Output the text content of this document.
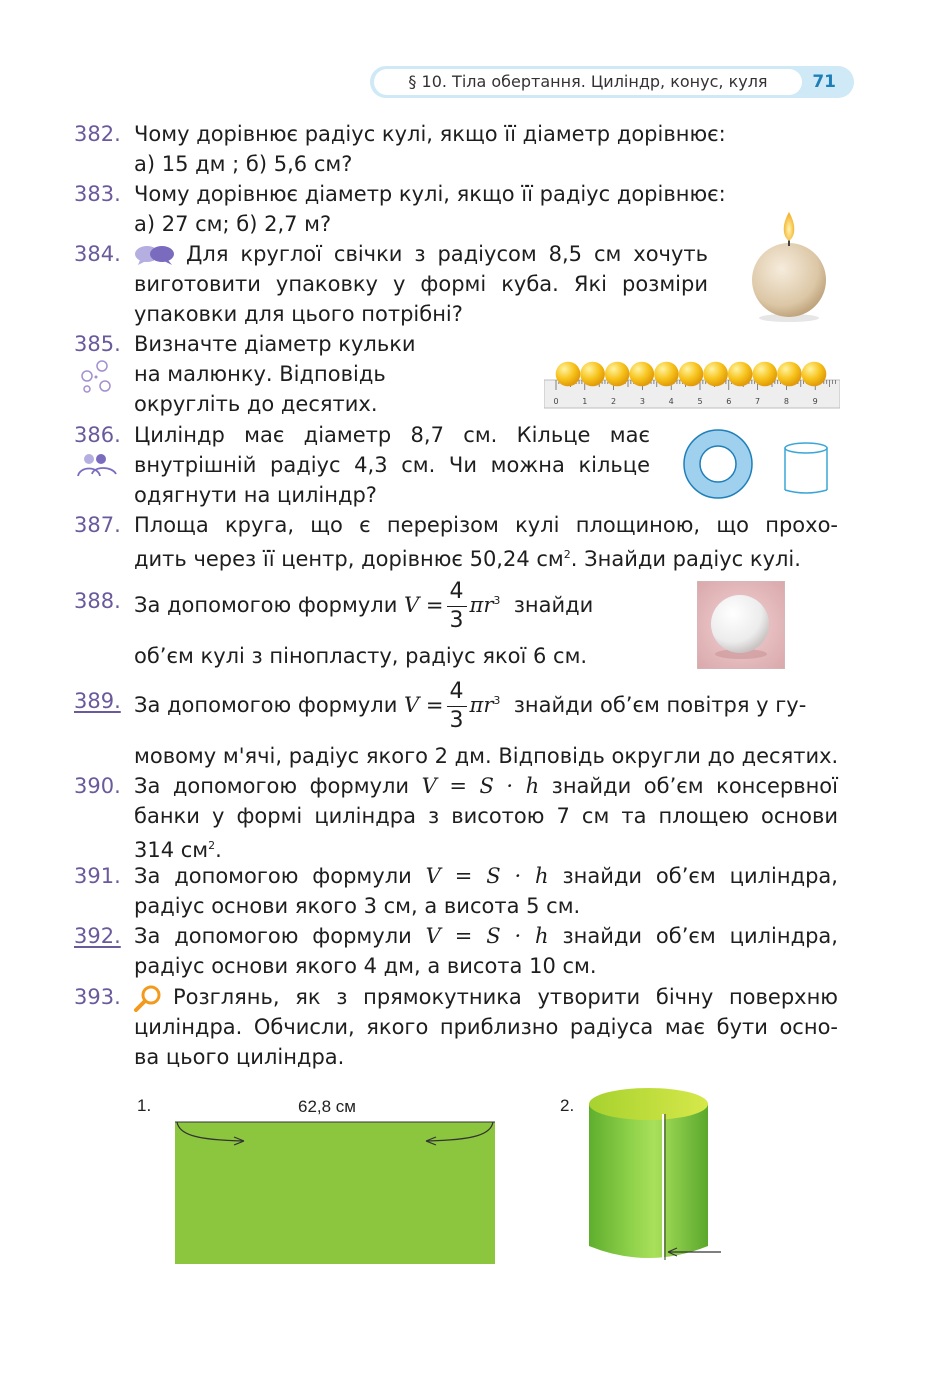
§ 10. Тіла обертання. Циліндр, конус, куля	71
382. Чому дорівнює радіус кулі, якщо її діаметр дорівнює:
а) 15 дм ; б) 5,6 см?
383. Чому дорівнює діаметр кулі, якщо її радіус дорівнює:
а) 27 см; б) 2,7 м?
384.	Для круглої свічки з радіусом 8,5 см хочуть
виготовити упаковку у формі куба. Які розміри
упаковки для цього потрібні?
385. Визначте діаметр кульки
на малюнку. Відповідь
округліть до десятих.	0	1	2	3	4	5	6	7	8	9
386. Циліндр має діаметр 8,7 см. Кільце має
внутрішній радіус 4,3 см. Чи можна кільце
одягнути на циліндр?
387. Площа круга, що є перерізом кулі площиною, що прохо-
дить через її центр, дорівнює 50,24 $см^2$. Знайди радіус кулі.
388. За допомогою формули $V = \frac{4}{3} \pi r^3$ знайди
об’єм кулі з пінопласту, радіус якої 6 см.
389. За допомогою формули $V = \frac{4}{3} \pi r^3$ знайди об’єм повітря у гу-
мовому м'ячі, радіус якого 2 дм. Відповідь округли до десятих.
390. За допомогою формули V = S · h знайди об’єм консервної
банки у формі циліндра з висотою 7 см та площею основи
314 $см^2$.
391. За допомогою формули V = S · h знайди об’єм циліндра,
радіус основи якого 3 см, а висота 5 см.
392. За допомогою формули V = S · h знайди об’єм циліндра,
радіус основи якого 4 дм, а висота 10 см.
393. Розглянь, як з прямокутника утворити бічну поверхню
циліндра. Обчисли, якого приблизно радіуса має бути осно-
ва цього циліндра.
1.	62,8 см	2.
